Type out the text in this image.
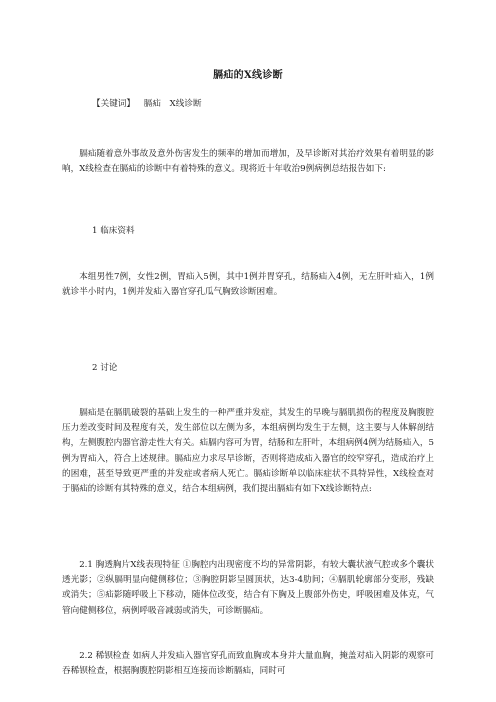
膈疝的X线诊断
【关键词】 膈疝 X线诊断

膈疝随着意外事故及意外伤害发生的频率的增加而增加，及早诊断对其治疗效果有着明显的影响，X线检查在膈疝的诊断中有着特殊的意义。现将近十年收治9例病例总结报告如下:

1 临床资料

本组男性7例，女性2例，胃疝入5例，其中1例并胃穿孔，结肠疝入4例，无左肝叶疝入，1例就诊半小时内，1例并发疝入器官穿孔瓜气胸致诊断困难。

2 讨论

膈疝是在膈肌破裂的基础上发生的一种严重并发症，其发生的早晚与膈肌损伤的程度及胸腹腔压力差改变时间及程度有关，发生部位以左侧为多，本组病例均发生于左侧，这主要与人体解剖结构，左侧腹腔内器官游走性大有关。疝膈内容可为胃，结肠和左肝叶，本组病例4例为结肠疝入，5例为胃疝入，符合上述规律。膈疝应力求尽早诊断，否则将造成疝入器官的绞窄穿孔，造成治疗上的困难，甚至导致更严重的并发症或者病人死亡。膈疝诊断单以临床症状不具特异性，X线检查对于膈疝的诊断有其特殊的意义，结合本组病例，我们提出膈疝有如下X线诊断特点:

2.1 胸透胸片X线表现特征 ①胸腔内出现密度不均的异常阴影，有较大囊状液气腔或多个囊状透光影；②纵膈明显向健侧移位；③胸腔阴影呈圆顶状，达3-4肋间；④膈肌轮廓部分变形，残缺或消失；⑤疝影随呼吸上下移动，随体位改变，结合有下胸及上腹部外伤史，呼吸困难及体克，气管向健侧移位，病例呼吸音减弱或消失，可诊断膈疝。

2.2 稀钡检查 如病人并发疝入器官穿孔而致血胸或本身并大量血胸，掩盖对疝入阴影的观察可吞稀钡检查，根据胸腹腔阴影相互连接而诊断膈疝，同时可
